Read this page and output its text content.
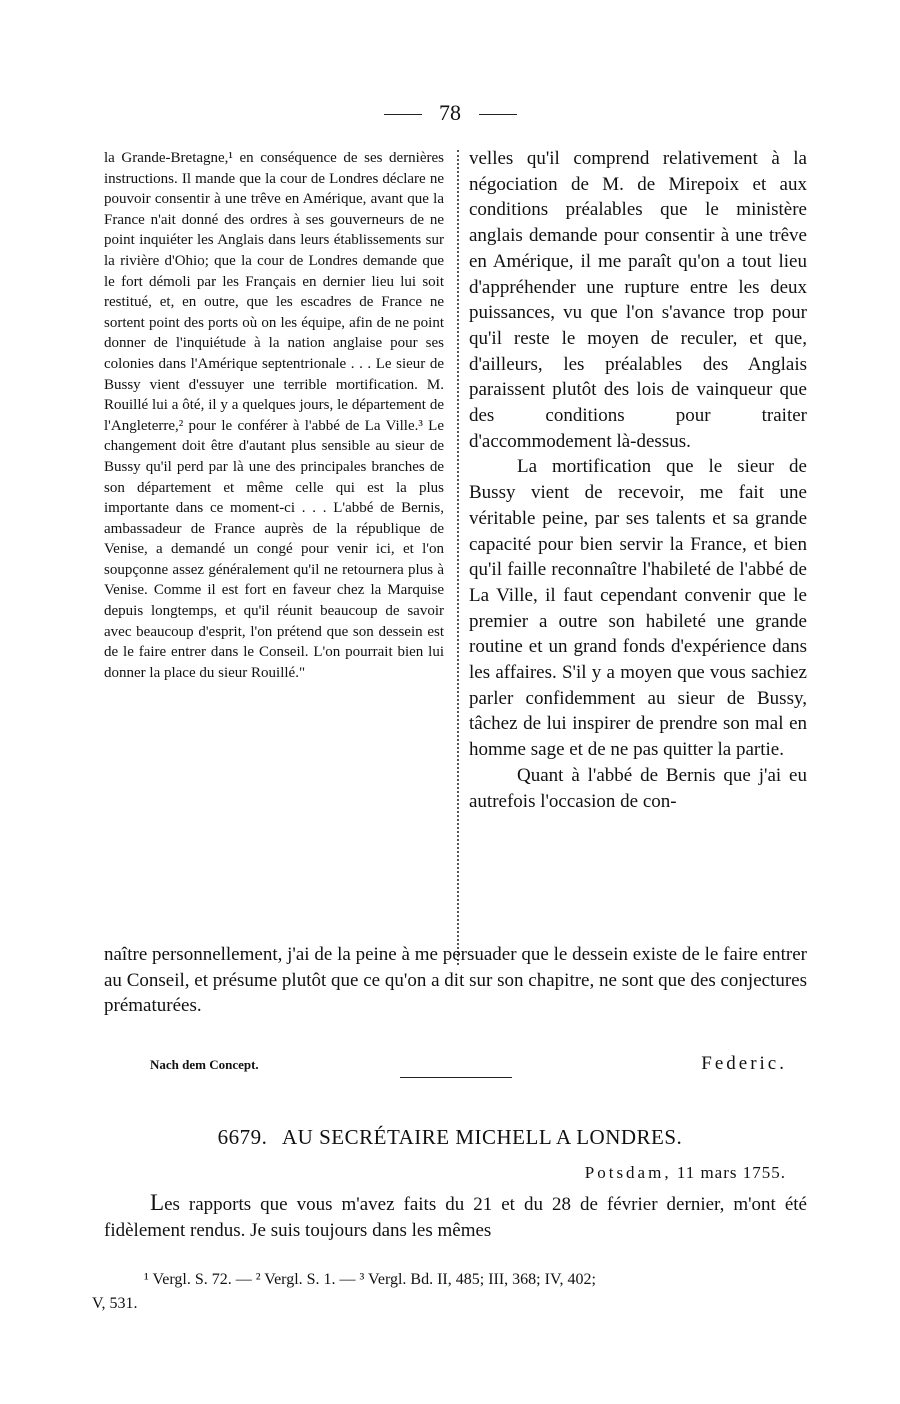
78

la Grande-Bretagne,¹ en conséquence de ses dernières instructions. Il mande que la cour de Londres déclare ne pouvoir consentir à une trêve en Amérique, avant que la France n'ait donné des ordres à ses gouverneurs de ne point inquiéter les Anglais dans leurs établissements sur la rivière d'Ohio; que la cour de Londres demande que le fort démoli par les Français en dernier lieu lui soit restitué, et, en outre, que les escadres de France ne sortent point des ports où on les équipe, afin de ne point donner de l'inquiétude à la nation anglaise pour ses colonies dans l'Amérique septentrionale . . . Le sieur de Bussy vient d'essuyer une terrible mortification. M. Rouillé lui a ôté, il y a quelques jours, le département de l'Angleterre,² pour le conférer à l'abbé de La Ville.³ Le changement doit être d'autant plus sensible au sieur de Bussy qu'il perd par là une des principales branches de son département et même celle qui est la plus importante dans ce moment-ci . . . L'abbé de Bernis, ambassadeur de France auprès de la république de Venise, a demandé un congé pour venir ici, et l'on soupçonne assez généralement qu'il ne retournera plus à Venise. Comme il est fort en faveur chez la Marquise depuis longtemps, et qu'il réunit beaucoup de savoir avec beaucoup d'esprit, l'on prétend que son dessein est de le faire entrer dans le Conseil. L'on pourrait bien lui donner la place du sieur Rouillé."

velles qu'il comprend relativement à la négociation de M. de Mirepoix et aux conditions préalables que le ministère anglais demande pour consentir à une trêve en Amérique, il me paraît qu'on a tout lieu d'appréhender une rupture entre les deux puissances, vu que l'on s'avance trop pour qu'il reste le moyen de reculer, et que, d'ailleurs, les préalables des Anglais paraissent plutôt des lois de vainqueur que des conditions pour traiter d'accommodement là-dessus.

La mortification que le sieur de Bussy vient de recevoir, me fait une véritable peine, par ses talents et sa grande capacité pour bien servir la France, et bien qu'il faille reconnaître l'habileté de l'abbé de La Ville, il faut cependant convenir que le premier a outre son habileté une grande routine et un grand fonds d'expérience dans les affaires. S'il y a moyen que vous sachiez parler confidemment au sieur de Bussy, tâchez de lui inspirer de prendre son mal en homme sage et de ne pas quitter la partie.

Quant à l'abbé de Bernis que j'ai eu autrefois l'occasion de con-

naître personnellement, j'ai de la peine à me persuader que le dessein existe de le faire entrer au Conseil, et présume plutôt que ce qu'on a dit sur son chapitre, ne sont que des conjectures prématurées.

Nach dem Concept.	Federic.
6679. AU SECRÉTAIRE MICHELL A LONDRES.
Potsdam, 11 mars 1755.

Les rapports que vous m'avez faits du 21 et du 28 de février dernier, m'ont été fidèlement rendus. Je suis toujours dans les mêmes

¹ Vergl. S. 72. — ² Vergl. S. 1. — ³ Vergl. Bd. II, 485; III, 368; IV, 402;

V, 531.
